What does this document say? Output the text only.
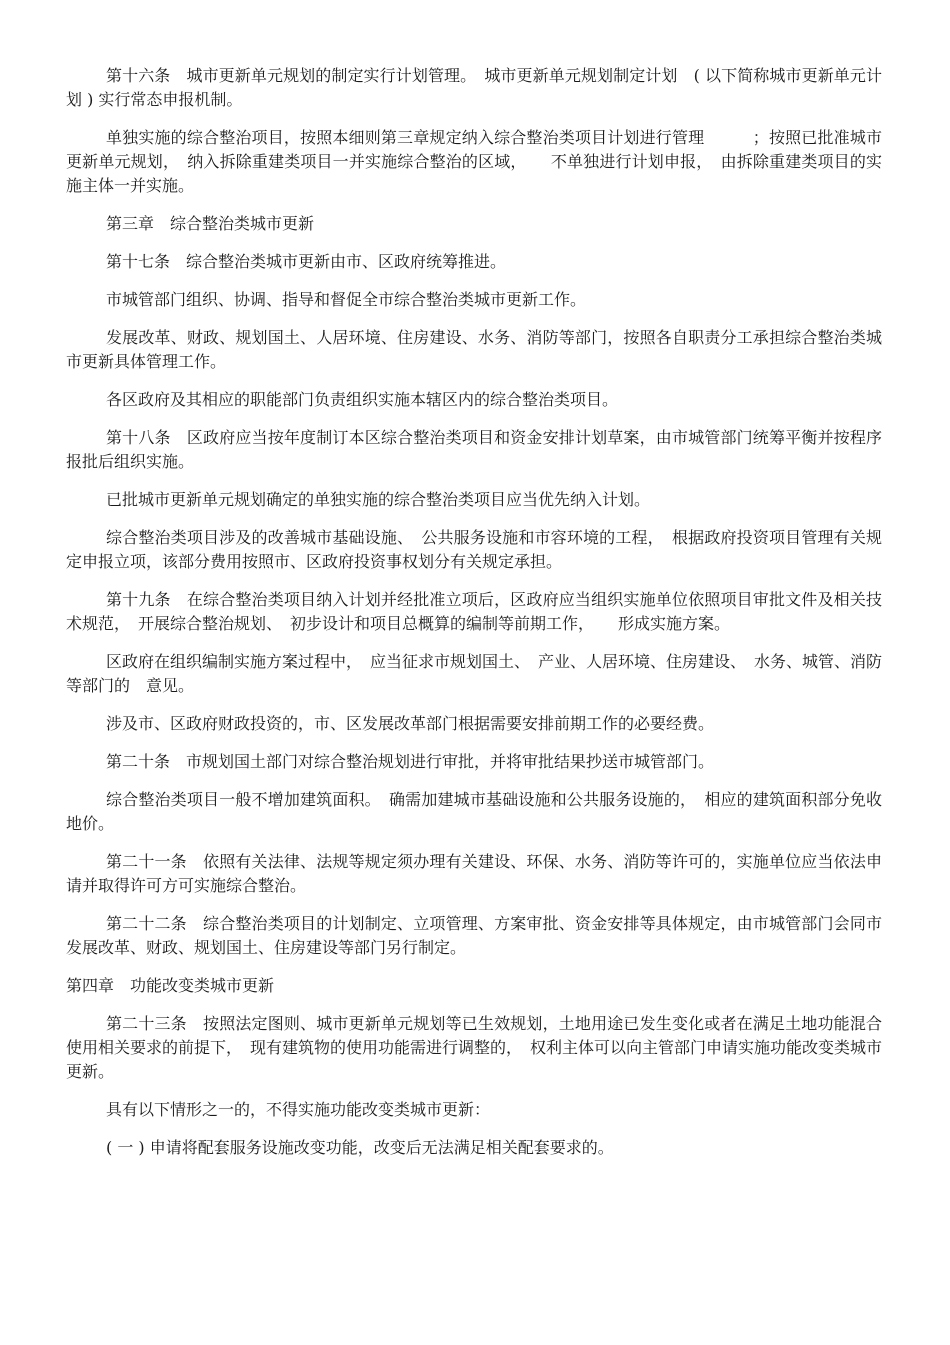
第十六条　城市更新单元规划的制定实行计划管理。　城市更新单元规划制定计划　( 以下简称城市更新单元计划 ) 实行常态申报机制。

单独实施的综合整治项目，按照本细则第三章规定纳入综合整治类项目计划进行管理　　　；按照已批准城市更新单元规划，　纳入拆除重建类项目一并实施综合整治的区域，　　不单独进行计划申报，　由拆除重建类项目的实施主体一并实施。

第三章　综合整治类城市更新

第十七条　综合整治类城市更新由市、区政府统筹推进。

市城管部门组织、协调、指导和督促全市综合整治类城市更新工作。

发展改革、财政、规划国土、人居环境、住房建设、水务、消防等部门，按照各自职责分工承担综合整治类城市更新具体管理工作。

各区政府及其相应的职能部门负责组织实施本辖区内的综合整治类项目。

第十八条　区政府应当按年度制订本区综合整治类项目和资金安排计划草案，由市城管部门统筹平衡并按程序报批后组织实施。

已批城市更新单元规划确定的单独实施的综合整治类项目应当优先纳入计划。

综合整治类项目涉及的改善城市基础设施、　公共服务设施和市容环境的工程，　根据政府投资项目管理有关规定申报立项，该部分费用按照市、区政府投资事权划分有关规定承担。

第十九条　在综合整治类项目纳入计划并经批准立项后，区政府应当组织实施单位依照项目审批文件及相关技术规范，　开展综合整治规划、　初步设计和项目总概算的编制等前期工作，　　形成实施方案。

区政府在组织编制实施方案过程中，　应当征求市规划国土、　产业、人居环境、住房建设、　水务、城管、消防等部门的　意见。

涉及市、区政府财政投资的，市、区发展改革部门根据需要安排前期工作的必要经费。

第二十条　市规划国土部门对综合整治规划进行审批，并将审批结果抄送市城管部门。

综合整治类项目一般不增加建筑面积。　确需加建城市基础设施和公共服务设施的，　相应的建筑面积部分免收地价。

第二十一条　依照有关法律、法规等规定须办理有关建设、环保、水务、消防等许可的，实施单位应当依法申请并取得许可方可实施综合整治。

第二十二条　综合整治类项目的计划制定、立项管理、方案审批、资金安排等具体规定，由市城管部门会同市发展改革、财政、规划国土、住房建设等部门另行制定。

第四章　功能改变类城市更新

第二十三条　按照法定图则、城市更新单元规划等已生效规划，土地用途已发生变化或者在满足土地功能混合使用相关要求的前提下，　现有建筑物的使用功能需进行调整的，　权利主体可以向主管部门申请实施功能改变类城市更新。

具有以下情形之一的，不得实施功能改变类城市更新：

( 一 ) 申请将配套服务设施改变功能，改变后无法满足相关配套要求的。
